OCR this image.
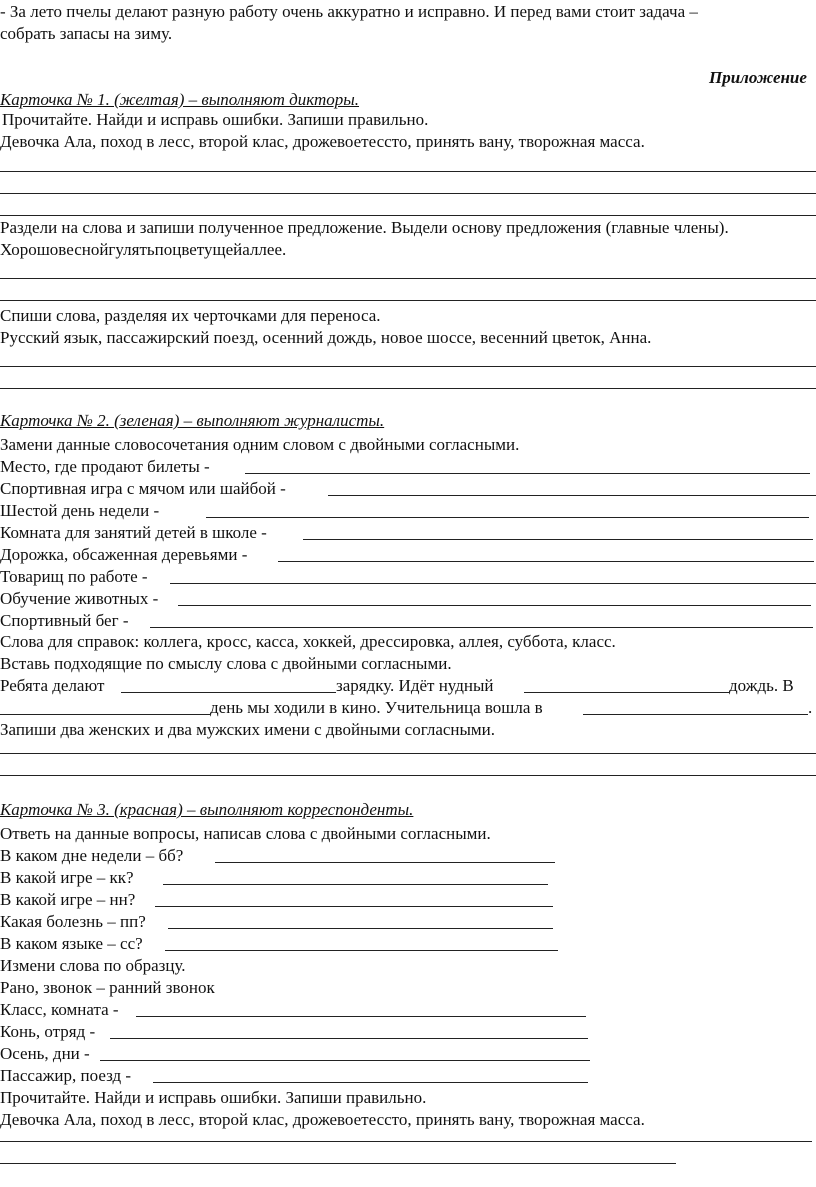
- За лето пчелы делают разную работу очень аккуратно и исправно. И перед вами стоит задача –
собрать запасы на зиму.
Приложение
Карточка № 1. (желтая) – выполняют дикторы.
Прочитайте. Найди и исправь ошибки. Запиши правильно.
Девочка Ала, поход в лесс, второй клас, дрожевоетессто, принять вану, творожная масса.
Раздели на слова и запиши полученное предложение. Выдели основу предложения (главные члены).
Хорошовеснойгулятьпоцветущейаллее.
Спиши слова, разделяя их черточками для переноса.
Русский язык, пассажирский поезд, осенний дождь, новое шоссе, весенний цветок, Анна.
Карточка № 2. (зеленая) – выполняют журналисты.
Замени данные словосочетания одним словом с двойными согласными.
Место, где продают билеты -
Спортивная игра с мячом или шайбой -
Шестой день недели -
Комната для занятий детей в школе -
Дорожка, обсаженная деревьями -
Товарищ по работе -
Обучение животных -
Спортивный бег -
Слова для справок: коллега, кросс, касса, хоккей, дрессировка, аллея, суббота, класс.
Вставь подходящие по смыслу слова с двойными согласными.
Ребята делают	зарядку. Идёт нудный	дождь. В
день мы ходили в кино. Учительница вошла в	.
Запиши два женских и два мужских имени с двойными согласными.
Карточка № 3. (красная) – выполняют корреспонденты.
Ответь на данные вопросы, написав слова с двойными согласными.
В каком дне недели – бб?
В какой игре – кк?
В какой игре – нн?
Какая болезнь – пп?
В каком языке – сс?
Измени слова по образцу.
Рано, звонок – ранний звонок
Класс, комната -
Конь, отряд -
Осень, дни -
Пассажир, поезд -
Прочитайте. Найди и исправь ошибки. Запиши правильно.
Девочка Ала, поход в лесс, второй клас, дрожевоетессто, принять вану, творожная масса.
